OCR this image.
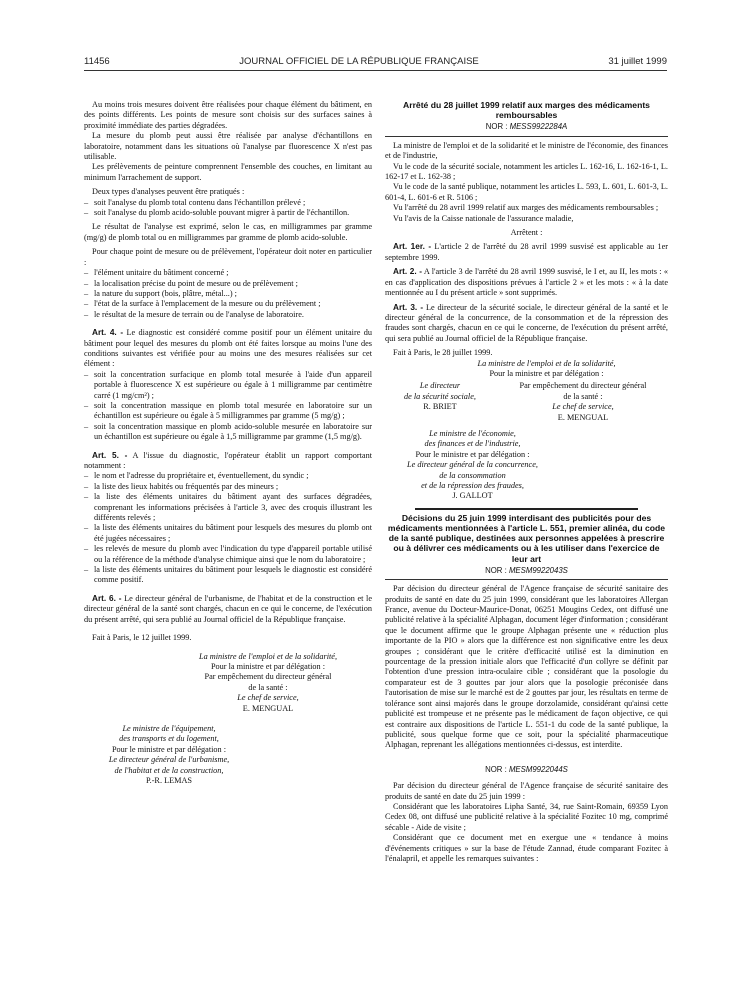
11456	JOURNAL OFFICIEL DE LA RÉPUBLIQUE FRANÇAISE	31 juillet 1999

Au moins trois mesures doivent être réalisées pour chaque élément du bâtiment, en des points différents. Les points de mesure sont choisis sur des surfaces saines à proximité immédiate des parties dégradées.

La mesure du plomb peut aussi être réalisée par analyse d'échantillons en laboratoire, notamment dans les situations où l'analyse par fluorescence X n'est pas utilisable.

Les prélèvements de peinture comprennent l'ensemble des couches, en limitant au minimum l'arrachement de support.

Deux types d'analyses peuvent être pratiqués :

– soit l'analyse du plomb total contenu dans l'échantillon prélevé ;

– soit l'analyse du plomb acido-soluble pouvant migrer à partir de l'échantillon.

Le résultat de l'analyse est exprimé, selon le cas, en milligrammes par gramme (mg/g) de plomb total ou en milligrammes par gramme de plomb acido-soluble.

Pour chaque point de mesure ou de prélèvement, l'opérateur doit noter en particulier :

– l'élément unitaire du bâtiment concerné ;

– la localisation précise du point de mesure ou de prélèvement ;

– la nature du support (bois, plâtre, métal...) ;

– l'état de la surface à l'emplacement de la mesure ou du prélèvement ;

– le résultat de la mesure de terrain ou de l'analyse de laboratoire.

Art. 4. - Le diagnostic est considéré comme positif pour un élément unitaire du bâtiment pour lequel des mesures du plomb ont été faites lorsque au moins l'une des conditions suivantes est vérifiée pour au moins une des mesures réalisées sur cet élément :

– soit la concentration surfacique en plomb total mesurée à l'aide d'un appareil portable à fluorescence X est supérieure ou égale à 1 milligramme par centimètre carré (1 mg/cm²) ;

– soit la concentration massique en plomb total mesurée en laboratoire sur un échantillon est supérieure ou égale à 5 milligrammes par gramme (5 mg/g) ;

– soit la concentration massique en plomb acido-soluble mesurée en laboratoire sur un échantillon est supérieure ou égale à 1,5 milligramme par gramme (1,5 mg/g).

Art. 5. - A l'issue du diagnostic, l'opérateur établit un rapport comportant notamment :

– le nom et l'adresse du propriétaire et, éventuellement, du syndic ;

– la liste des lieux habités ou fréquentés par des mineurs ;

– la liste des éléments unitaires du bâtiment ayant des surfaces dégradées, comprenant les informations précisées à l'article 3, avec des croquis illustrant les différents relevés ;

– la liste des éléments unitaires du bâtiment pour lesquels des mesures du plomb ont été jugées nécessaires ;

– les relevés de mesure du plomb avec l'indication du type d'appareil portable utilisé ou la référence de la méthode d'analyse chimique ainsi que le nom du laboratoire ;

– la liste des éléments unitaires du bâtiment pour lesquels le diagnostic est considéré comme positif.

Art. 6. - Le directeur général de l'urbanisme, de l'habitat et de la construction et le directeur général de la santé sont chargés, chacun en ce qui le concerne, de l'exécution du présent arrêté, qui sera publié au Journal officiel de la République française.

Fait à Paris, le 12 juillet 1999.

La ministre de l'emploi et de la solidarité,
Pour la ministre et par délégation :
Par empêchement du directeur général
de la santé :
Le chef de service,
E. MENGUAL
Le ministre de l'équipement,
des transports et du logement,
Pour le ministre et par délégation :
Le directeur général de l'urbanisme,
de l'habitat et de la construction,
P.-R. LEMAS
Arrêté du 28 juillet 1999 relatif aux marges des médicaments remboursables
NOR : MESS9922284A

La ministre de l'emploi et de la solidarité et le ministre de l'économie, des finances et de l'industrie,

Vu le code de la sécurité sociale, notamment les articles L. 162-16, L. 162-16-1, L. 162-17 et L. 162-38 ;

Vu le code de la santé publique, notamment les articles L. 593, L. 601, L. 601-3, L. 601-4, L. 601-6 et R. 5106 ;

Vu l'arrêté du 28 avril 1999 relatif aux marges des médicaments remboursables ;

Vu l'avis de la Caisse nationale de l'assurance maladie,

Arrêtent :

Art. 1er. - L'article 2 de l'arrêté du 28 avril 1999 susvisé est applicable au 1er septembre 1999.

Art. 2. - A l'article 3 de l'arrêté du 28 avril 1999 susvisé, le I et, au II, les mots : « en cas d'application des dispositions prévues à l'article 2 » et les mots : « à la date mentionnée au I du présent article » sont supprimés.

Art. 3. - Le directeur de la sécurité sociale, le directeur général de la santé et le directeur général de la concurrence, de la consommation et de la répression des fraudes sont chargés, chacun en ce qui le concerne, de l'exécution du présent arrêté, qui sera publié au Journal officiel de la République française.

Fait à Paris, le 28 juillet 1999.

La ministre de l'emploi et de la solidarité,
Pour la ministre et par délégation :
Le directeur
de la sécurité sociale,
R. BRIET
Par empêchement du directeur général
de la santé :
Le chef de service,
E. MENGUAL
Le ministre de l'économie,
des finances et de l'industrie,
Pour le ministre et par délégation :
Le directeur général de la concurrence,
de la consommation
et de la répression des fraudes,
J. GALLOT
Décisions du 25 juin 1999 interdisant des publicités pour des médicaments mentionnées à l'article L. 551, premier alinéa, du code de la santé publique, destinées aux personnes appelées à prescrire ou à délivrer ces médicaments ou à les utiliser dans l'exercice de leur art
NOR : MESM9922043S

Par décision du directeur général de l'Agence française de sécurité sanitaire des produits de santé en date du 25 juin 1999, considérant que les laboratoires Allergan France, avenue du Docteur-Maurice-Donat, 06251 Mougins Cedex, ont diffusé une publicité relative à la spécialité Alphagan, document léger d'information ; considérant que le document affirme que le groupe Alphagan présente une « réduction plus importante de la PIO » alors que la différence est non significative entre les deux groupes ; considérant que le critère d'efficacité utilisé est la diminution en pourcentage de la pression initiale alors que l'efficacité d'un collyre se définit par l'obtention d'une pression intra-oculaire cible ; considérant que la posologie du comparateur est de 3 gouttes par jour alors que la posologie préconisée dans l'autorisation de mise sur le marché est de 2 gouttes par jour, les résultats en terme de tolérance sont ainsi majorés dans le groupe dorzolamide, considérant qu'ainsi cette publicité est trompeuse et ne présente pas le médicament de façon objective, ce qui est contraire aux dispositions de l'article L. 551-1 du code de la santé publique, la publicité, sous quelque forme que ce soit, pour la spécialité pharmaceutique Alphagan, reprenant les allégations mentionnées ci-dessus, est interdite.

NOR : MESM9922044S

Par décision du directeur général de l'Agence française de sécurité sanitaire des produits de santé en date du 25 juin 1999 :

Considérant que les laboratoires Lipha Santé, 34, rue Saint-Romain, 69359 Lyon Cedex 08, ont diffusé une publicité relative à la spécialité Fozitec 10 mg, comprimé sécable - Aide de visite ;

Considérant que ce document met en exergue une « tendance à moins d'événements critiques » sur la base de l'étude Zannad, étude comparant Fozitec à l'énalapril, et appelle les remarques suivantes :
